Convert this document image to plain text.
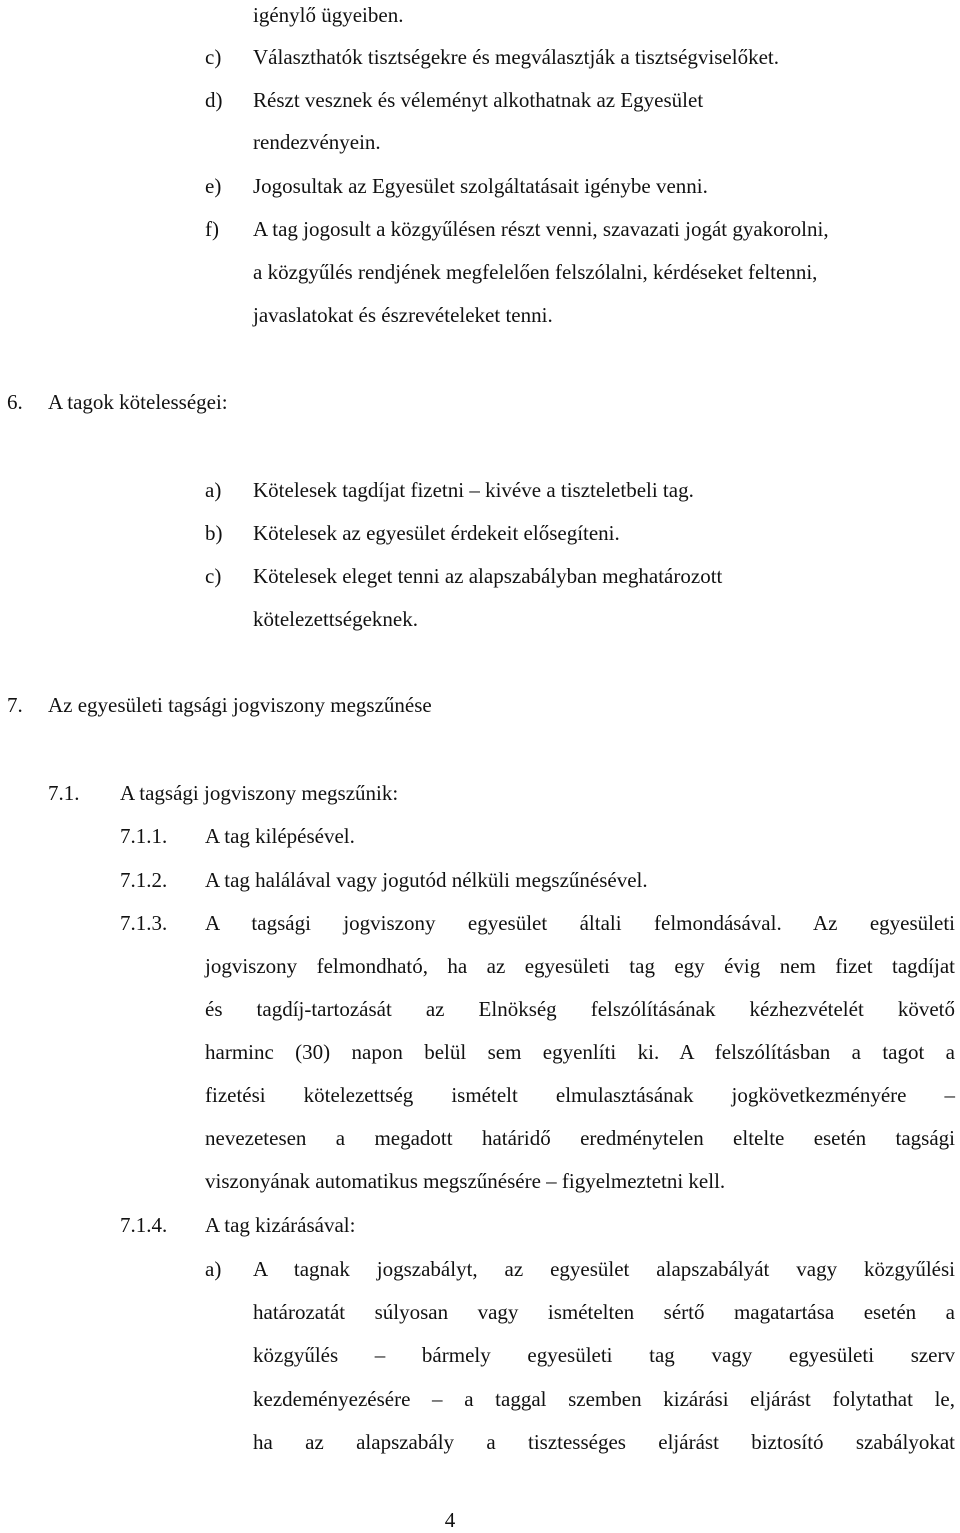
igénylő ügyeiben.
c) Választhatók tisztségekre és megválasztják a tisztségviselőket.
d) Részt vesznek és véleményt alkothatnak az Egyesület
rendezvényein.
e) Jogosultak az Egyesület szolgáltatásait igénybe venni.
f) A tag jogosult a közgyűlésen részt venni, szavazati jogát gyakorolni,
a közgyűlés rendjének megfelelően felszólalni, kérdéseket feltenni,
javaslatokat és észrevételeket tenni.
6. A tagok kötelességei:
a) Kötelesek tagdíjat fizetni – kivéve a tiszteletbeli tag.
b) Kötelesek az egyesület érdekeit elősegíteni.
c) Kötelesek eleget tenni az alapszabályban meghatározott
kötelezettségeknek.
7. Az egyesületi tagsági jogviszony megszűnése
7.1. A tagsági jogviszony megszűnik:
7.1.1. A tag kilépésével.
7.1.2. A tag halálával vagy jogutód nélküli megszűnésével.
7.1.3. A tagsági jogviszony egyesület általi felmondásával. Az egyesületi
jogviszony felmondható, ha az egyesületi tag egy évig nem fizet tagdíjat
és tagdíj-tartozását az Elnökség felszólításának kézhezvételét követő
harminc (30) napon belül sem egyenlíti ki. A felszólításban a tagot a
fizetési kötelezettség ismételt elmulasztásának jogkövetkezményére –
nevezetesen a megadott határidő eredménytelen eltelte esetén tagsági
viszonyának automatikus megszűnésére – figyelmeztetni kell.
7.1.4. A tag kizárásával:
a) A tagnak jogszabályt, az egyesület alapszabályát vagy közgyűlési
határozatát súlyosan vagy ismételten sértő magatartása esetén a
közgyűlés – bármely egyesületi tag vagy egyesületi szerv
kezdeményezésére – a taggal szemben kizárási eljárást folytathat le,
ha az alapszabály a tisztességes eljárást biztosító szabályokat
4
